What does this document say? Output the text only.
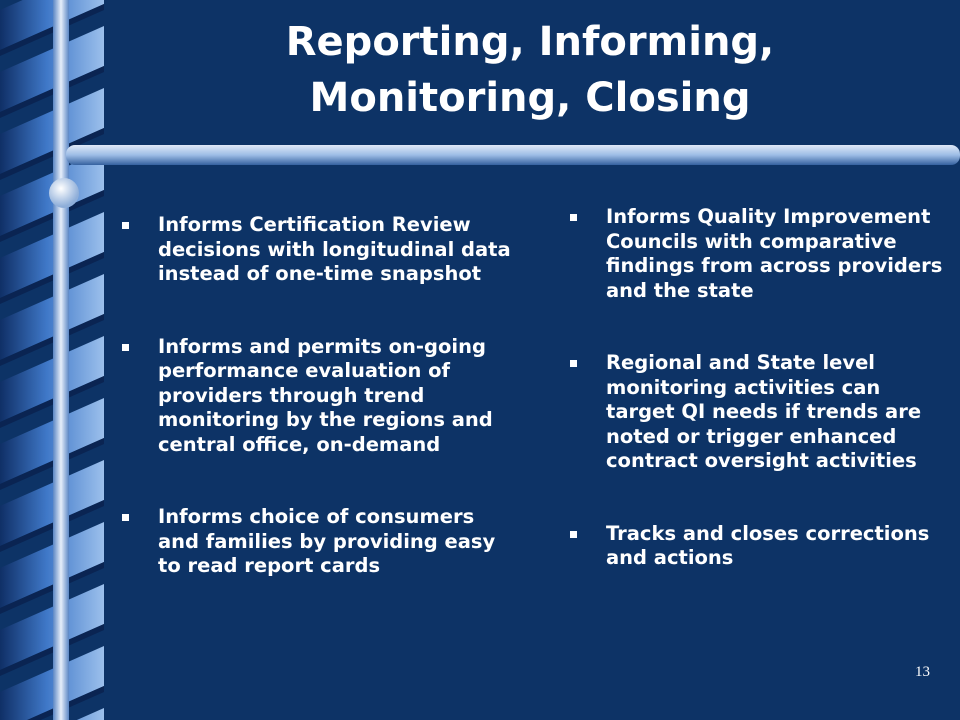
Reporting, Informing,
Monitoring, Closing
Informs Certification Review decisions with longitudinal data instead of one-time snapshot
Informs and permits on-going performance evaluation of providers through trend monitoring by the regions and central office, on-demand
Informs choice of consumers and families by providing easy to read report cards
Informs Quality Improvement Councils with comparative findings from across providers and the state
Regional and State level monitoring activities can target QI needs if trends are noted or trigger enhanced contract oversight activities
Tracks and closes corrections and actions
13
